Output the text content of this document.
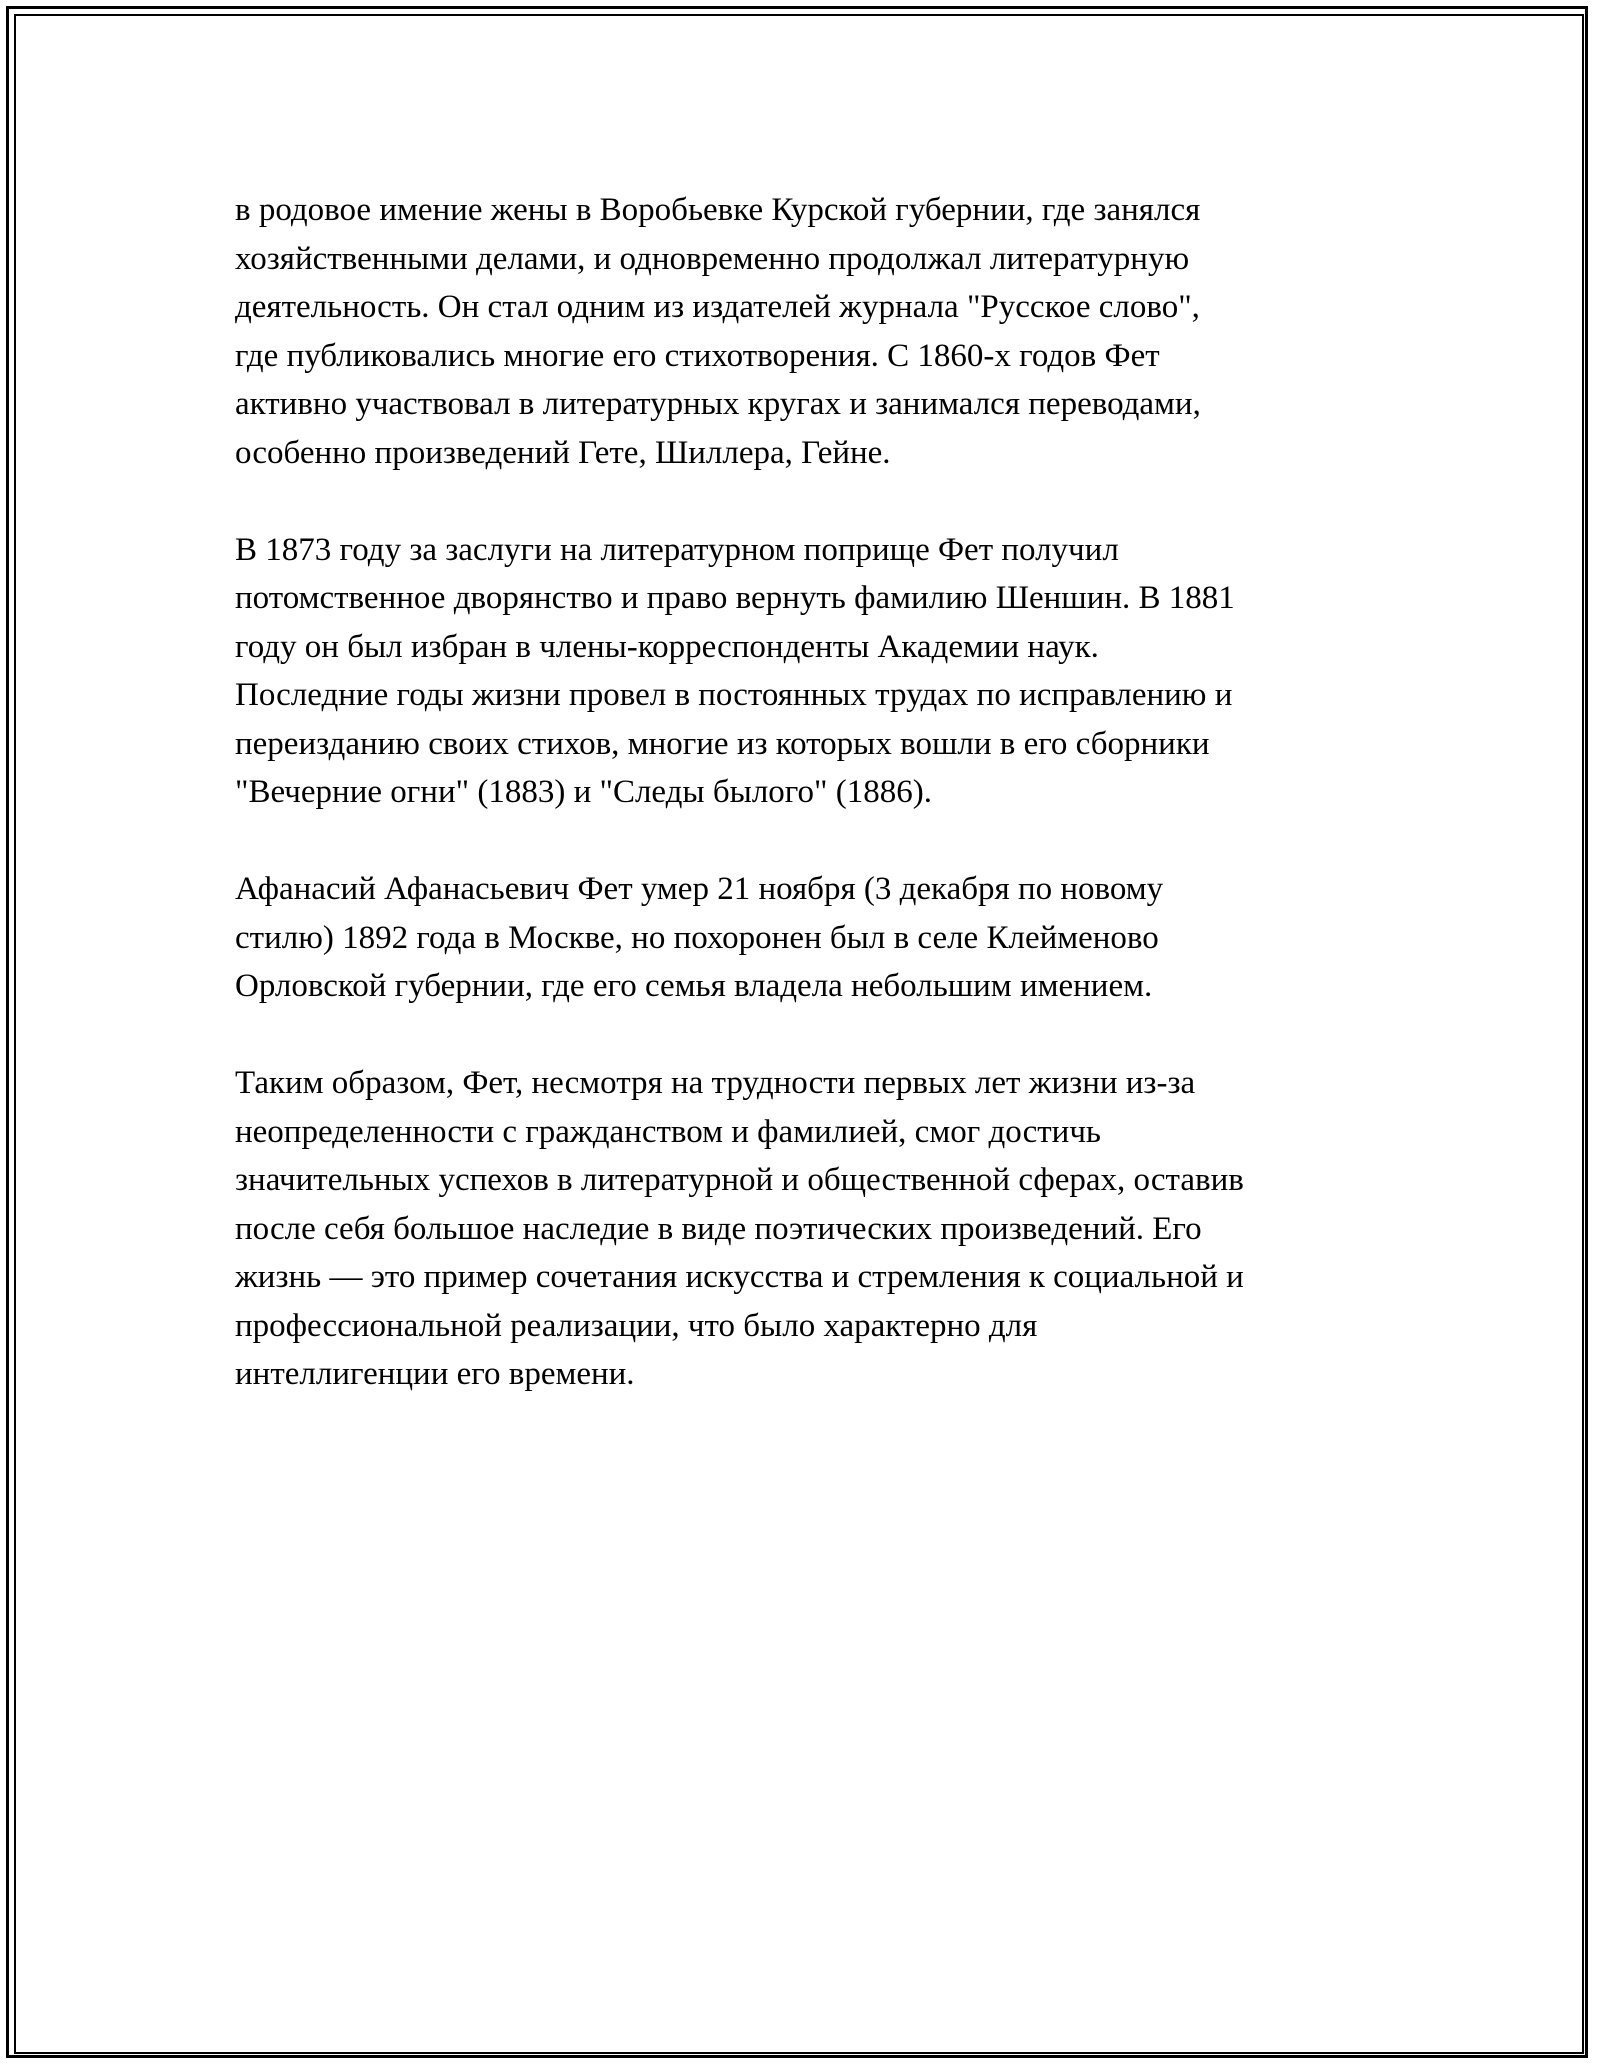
в родовое имение жены в Воробьевке Курской губернии, где занялся
хозяйственными делами, и одновременно продолжал литературную
деятельность. Он стал одним из издателей журнала "Русское слово",
где публиковались многие его стихотворения. С 1860-х годов Фет
активно участвовал в литературных кругах и занимался переводами,
особенно произведений Гете, Шиллера, Гейне.

В 1873 году за заслуги на литературном поприще Фет получил
потомственное дворянство и право вернуть фамилию Шеншин. В 1881
году он был избран в члены-корреспонденты Академии наук.
Последние годы жизни провел в постоянных трудах по исправлению и
переизданию своих стихов, многие из которых вошли в его сборники
"Вечерние огни" (1883) и "Следы былого" (1886).

Афанасий Афанасьевич Фет умер 21 ноября (3 декабря по новому
стилю) 1892 года в Москве, но похоронен был в селе Клейменово
Орловской губернии, где его семья владела небольшим имением.

Таким образом, Фет, несмотря на трудности первых лет жизни из-за
неопределенности с гражданством и фамилией, смог достичь
значительных успехов в литературной и общественной сферах, оставив
после себя большое наследие в виде поэтических произведений. Его
жизнь — это пример сочетания искусства и стремления к социальной и
профессиональной реализации, что было характерно для
интеллигенции его времени.
